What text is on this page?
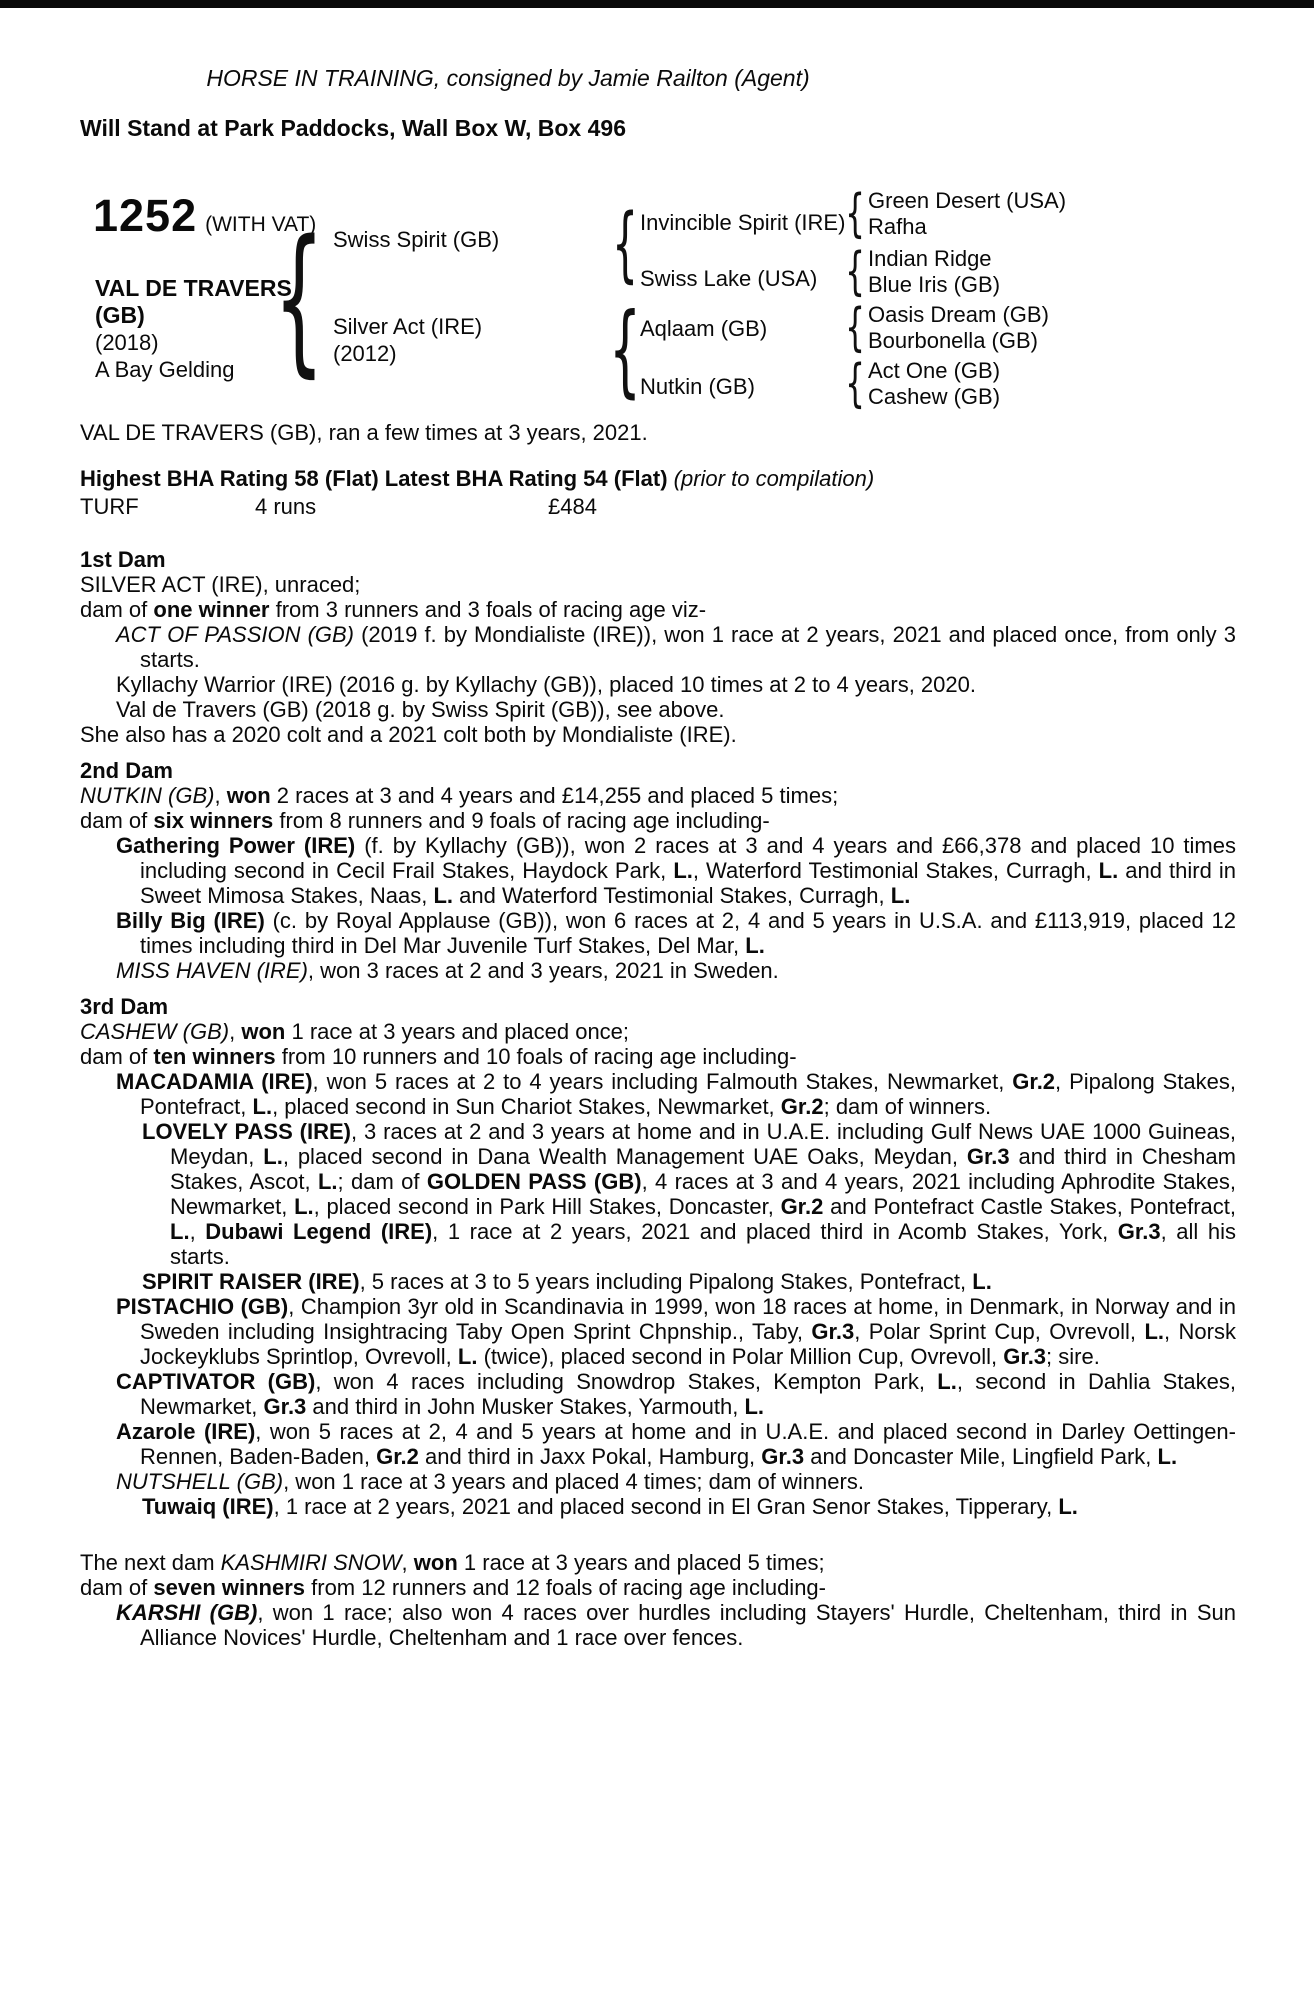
HORSE IN TRAINING, consigned by Jamie Railton (Agent)
Will Stand at Park Paddocks, Wall Box W, Box 496
1252 (WITH VAT)
VAL DE TRAVERS
(GB)
(2018)
A Bay Gelding
{
Swiss Spirit (GB)
Silver Act (IRE)
(2012)
{
{
Invincible Spirit (IRE)
Swiss Lake (USA)
Aqlaam (GB)
Nutkin (GB)
{
Green Desert (USA)
Rafha
{
Indian Ridge
Blue Iris (GB)
{
Oasis Dream (GB)
Bourbonella (GB)
{
Act One (GB)
Cashew (GB)

VAL DE TRAVERS (GB), ran a few times at 3 years, 2021.

Highest BHA Rating 58 (Flat) Latest BHA Rating 54 (Flat) (prior to compilation)
TURF	4 runs	£484
1st Dam

SILVER ACT (IRE), unraced;

dam of one winner from 3 runners and 3 foals of racing age viz-

ACT OF PASSION (GB) (2019 f. by Mondialiste (IRE)), won 1 race at 2 years, 2021 and placed once, from only 3 starts.

Kyllachy Warrior (IRE) (2016 g. by Kyllachy (GB)), placed 10 times at 2 to 4 years, 2020.

Val de Travers (GB) (2018 g. by Swiss Spirit (GB)), see above.

She also has a 2020 colt and a 2021 colt both by Mondialiste (IRE).

2nd Dam

NUTKIN (GB), won 2 races at 3 and 4 years and £14,255 and placed 5 times;

dam of six winners from 8 runners and 9 foals of racing age including-

Gathering Power (IRE) (f. by Kyllachy (GB)), won 2 races at 3 and 4 years and £66,378 and placed 10 times including second in Cecil Frail Stakes, Haydock Park, L., Waterford Testimonial Stakes, Curragh, L. and third in Sweet Mimosa Stakes, Naas, L. and Waterford Testimonial Stakes, Curragh, L.

Billy Big (IRE) (c. by Royal Applause (GB)), won 6 races at 2, 4 and 5 years in U.S.A. and £113,919, placed 12 times including third in Del Mar Juvenile Turf Stakes, Del Mar, L.

MISS HAVEN (IRE), won 3 races at 2 and 3 years, 2021 in Sweden.

3rd Dam

CASHEW (GB), won 1 race at 3 years and placed once;

dam of ten winners from 10 runners and 10 foals of racing age including-

MACADAMIA (IRE), won 5 races at 2 to 4 years including Falmouth Stakes, Newmarket, Gr.2, Pipalong Stakes, Pontefract, L., placed second in Sun Chariot Stakes, Newmarket, Gr.2; dam of winners.

LOVELY PASS (IRE), 3 races at 2 and 3 years at home and in U.A.E. including Gulf News UAE 1000 Guineas, Meydan, L., placed second in Dana Wealth Management UAE Oaks, Meydan, Gr.3 and third in Chesham Stakes, Ascot, L.; dam of GOLDEN PASS (GB), 4 races at 3 and 4 years, 2021 including Aphrodite Stakes, Newmarket, L., placed second in Park Hill Stakes, Doncaster, Gr.2 and Pontefract Castle Stakes, Pontefract, L., Dubawi Legend (IRE), 1 race at 2 years, 2021 and placed third in Acomb Stakes, York, Gr.3, all his starts.

SPIRIT RAISER (IRE), 5 races at 3 to 5 years including Pipalong Stakes, Pontefract, L.

PISTACHIO (GB), Champion 3yr old in Scandinavia in 1999, won 18 races at home, in Denmark, in Norway and in Sweden including Insightracing Taby Open Sprint Chpnship., Taby, Gr.3, Polar Sprint Cup, Ovrevoll, L., Norsk Jockeyklubs Sprintlop, Ovrevoll, L. (twice), placed second in Polar Million Cup, Ovrevoll, Gr.3; sire.

CAPTIVATOR (GB), won 4 races including Snowdrop Stakes, Kempton Park, L., second in Dahlia Stakes, Newmarket, Gr.3 and third in John Musker Stakes, Yarmouth, L.

Azarole (IRE), won 5 races at 2, 4 and 5 years at home and in U.A.E. and placed second in Darley Oettingen-Rennen, Baden-Baden, Gr.2 and third in Jaxx Pokal, Hamburg, Gr.3 and Doncaster Mile, Lingfield Park, L.

NUTSHELL (GB), won 1 race at 3 years and placed 4 times; dam of winners.

Tuwaiq (IRE), 1 race at 2 years, 2021 and placed second in El Gran Senor Stakes, Tipperary, L.

The next dam KASHMIRI SNOW, won 1 race at 3 years and placed 5 times;

dam of seven winners from 12 runners and 12 foals of racing age including-

KARSHI (GB), won 1 race; also won 4 races over hurdles including Stayers' Hurdle, Cheltenham, third in Sun Alliance Novices' Hurdle, Cheltenham and 1 race over fences.
